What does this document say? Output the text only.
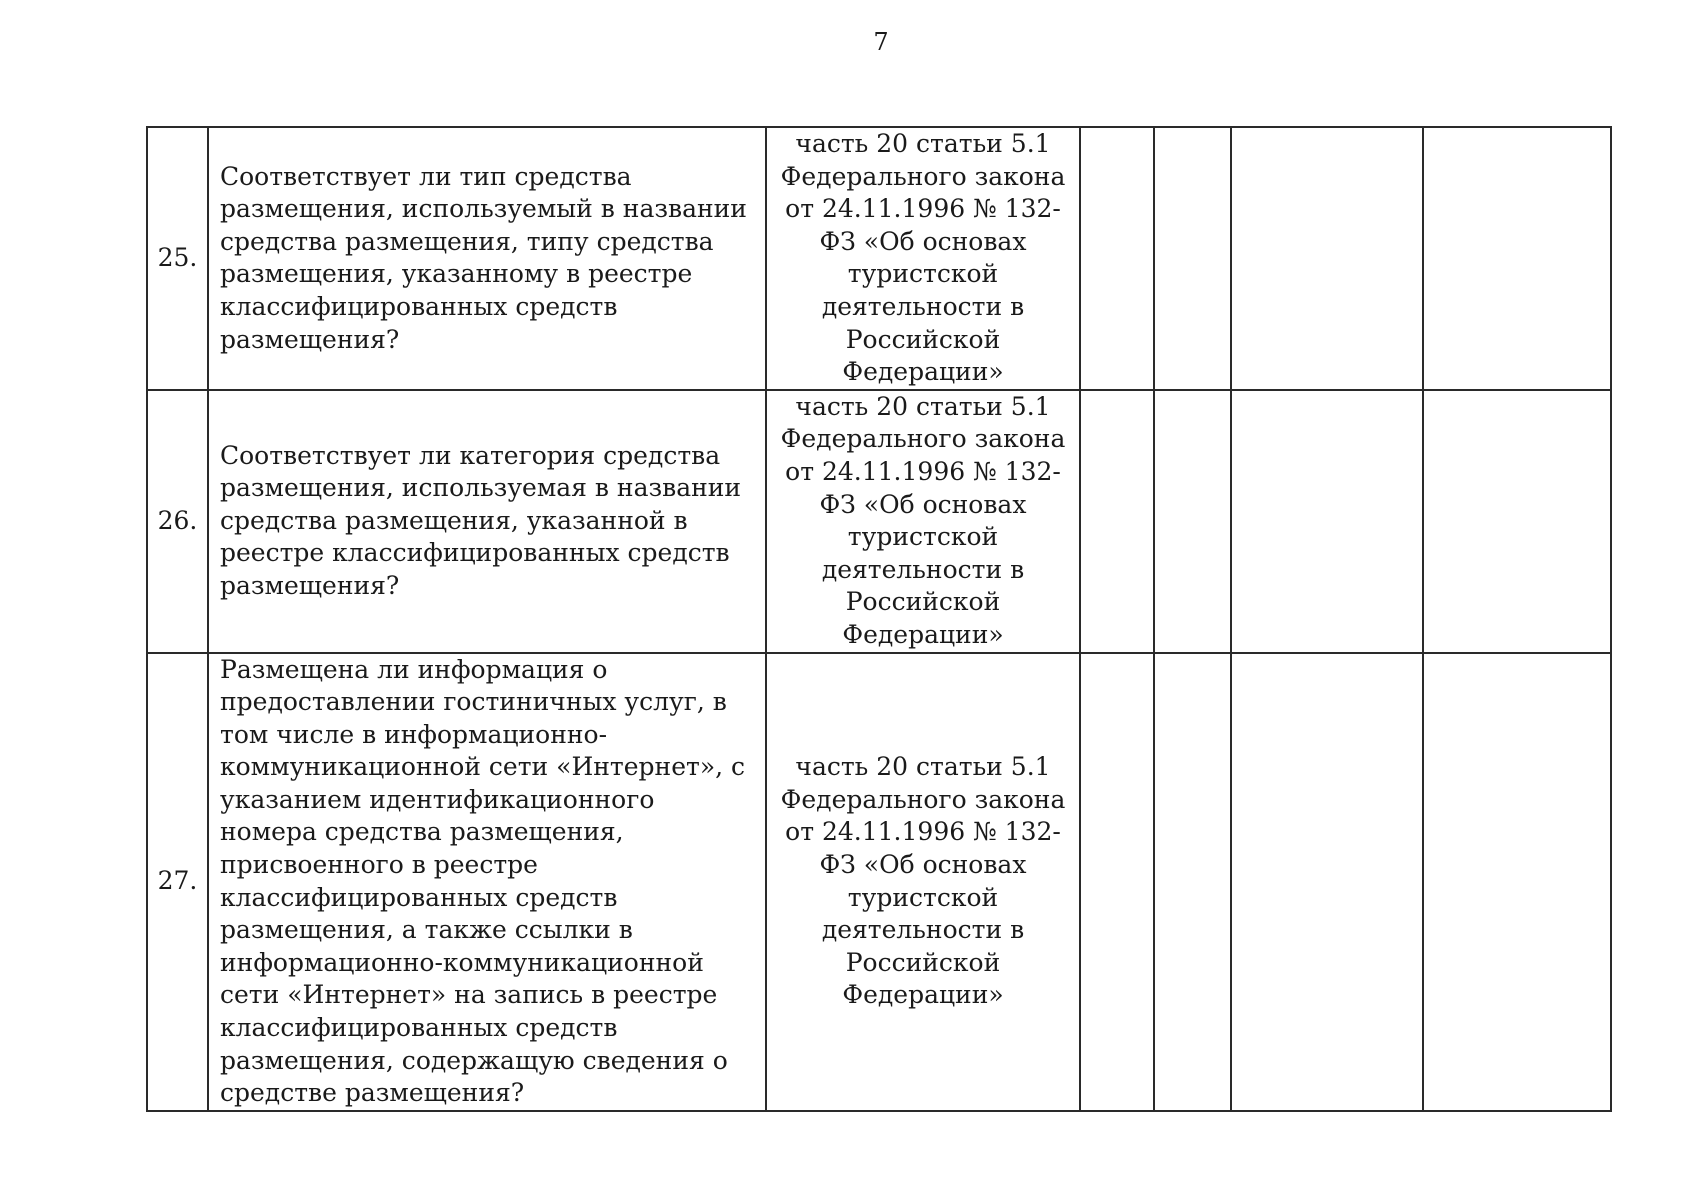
7
25.	Соответствует ли тип средства размещения, используемый в названии средства размещения, типу средства размещения, указанному в реестре классифицированных средств размещения?	часть 20 статьи 5.1 Федерального закона от 24.11.1996 № 132-ФЗ «Об основах туристской деятельности в Российской Федерации»				
26.	Соответствует ли категория средства размещения, используемая в названии средства размещения, указанной в реестре классифицированных средств размещения?	часть 20 статьи 5.1 Федерального закона от 24.11.1996 № 132-ФЗ «Об основах туристской деятельности в Российской Федерации»				
27.	Размещена ли информация о предоставлении гостиничных услуг, в том числе в информационно-коммуникационной сети «Интернет», с указанием идентификационного номера средства размещения, присвоенного в реестре классифицированных средств размещения, а также ссылки в информационно-коммуникационной сети «Интернет» на запись в реестре классифицированных средств размещения, содержащую сведения о средстве размещения?	часть 20 статьи 5.1 Федерального закона от 24.11.1996 № 132-ФЗ «Об основах туристской деятельности в Российской Федерации»				
